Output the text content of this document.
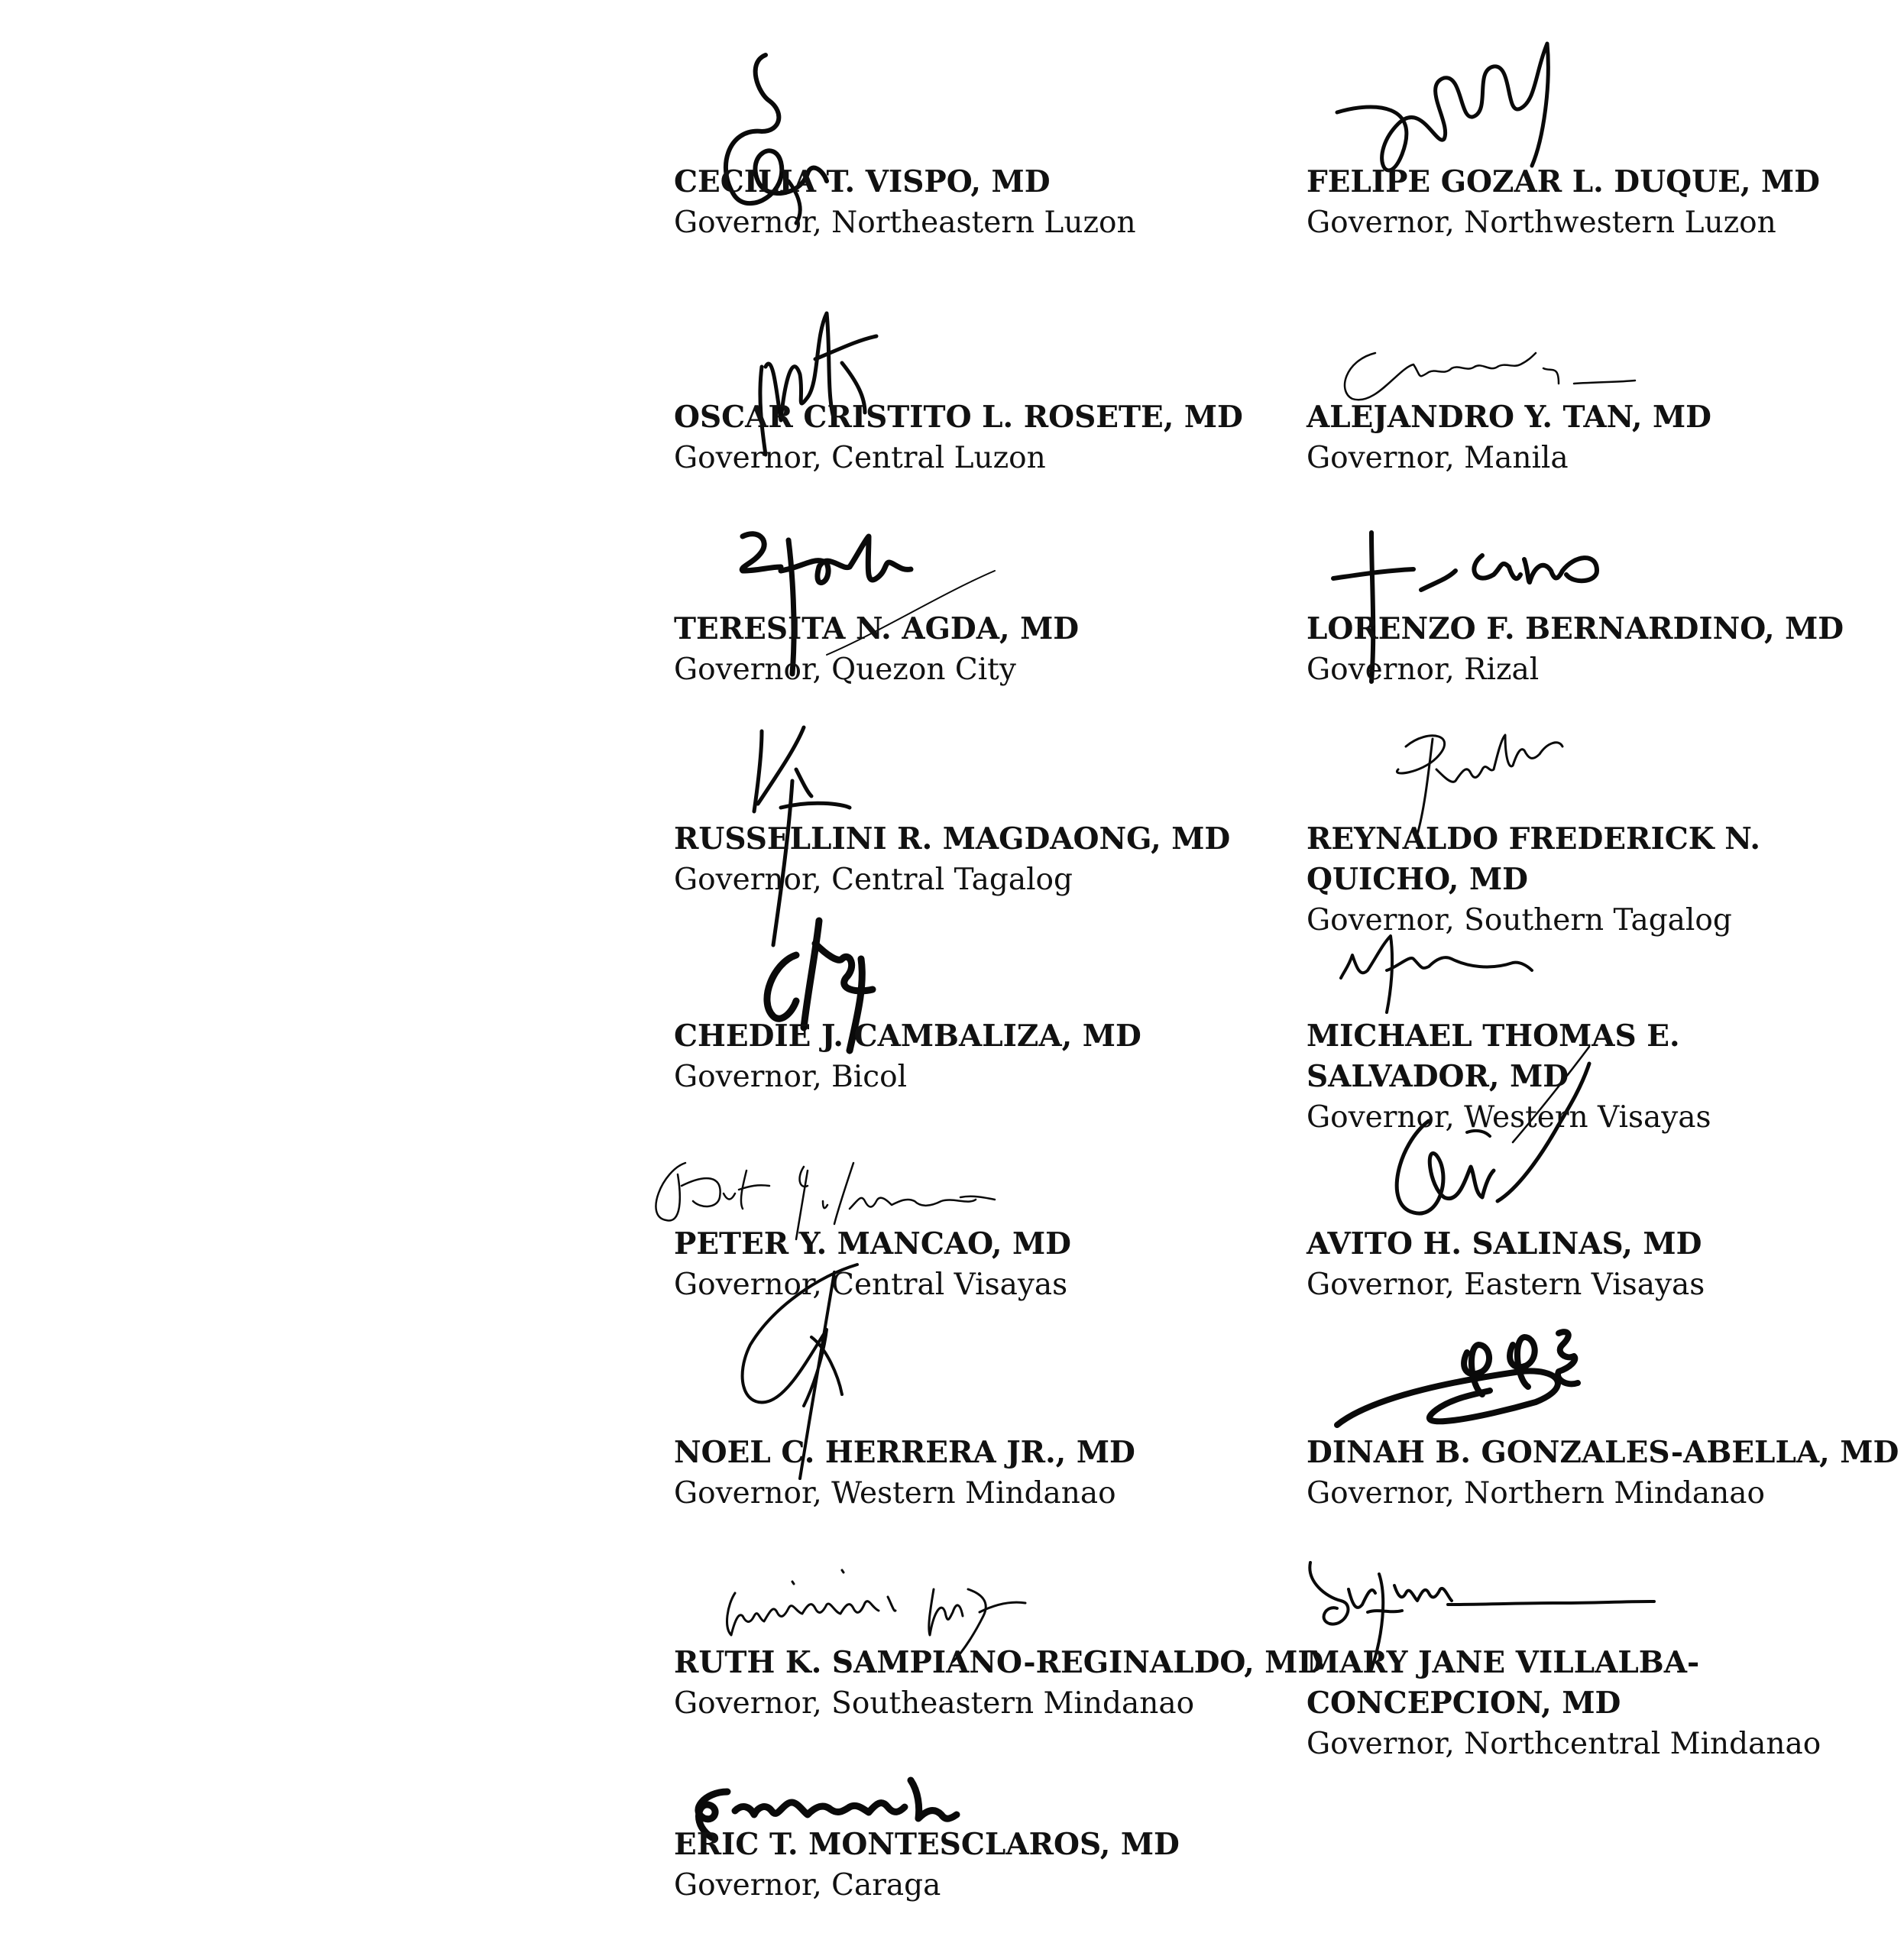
CECILIA T. VISPO, MD
Governor, Northeastern Luzon
FELIPE GOZAR L. DUQUE, MD
Governor, Northwestern Luzon
OSCAR CRISTITO L. ROSETE, MD
Governor, Central Luzon
ALEJANDRO Y. TAN, MD
Governor, Manila
TERESITA N. AGDA, MD
Governor, Quezon City
LORENZO F. BERNARDINO, MD
Governor, Rizal
RUSSELLINI R. MAGDAONG, MD
Governor, Central Tagalog
REYNALDO FREDERICK N.
QUICHO, MD
Governor, Southern Tagalog
CHEDIE J. CAMBALIZA, MD
Governor, Bicol
MICHAEL THOMAS E.
SALVADOR, MD
Governor, Western Visayas
PETER Y. MANCAO, MD
Governor, Central Visayas
AVITO H. SALINAS, MD
Governor, Eastern Visayas
NOEL C. HERRERA JR., MD
Governor, Western Mindanao
DINAH B. GONZALES-ABELLA, MD
Governor, Northern Mindanao
RUTH K. SAMPIANO-REGINALDO, MD
Governor, Southeastern Mindanao
MARY JANE VILLALBA-
CONCEPCION, MD
Governor, Northcentral Mindanao
ERIC T. MONTESCLAROS, MD
Governor, Caraga
